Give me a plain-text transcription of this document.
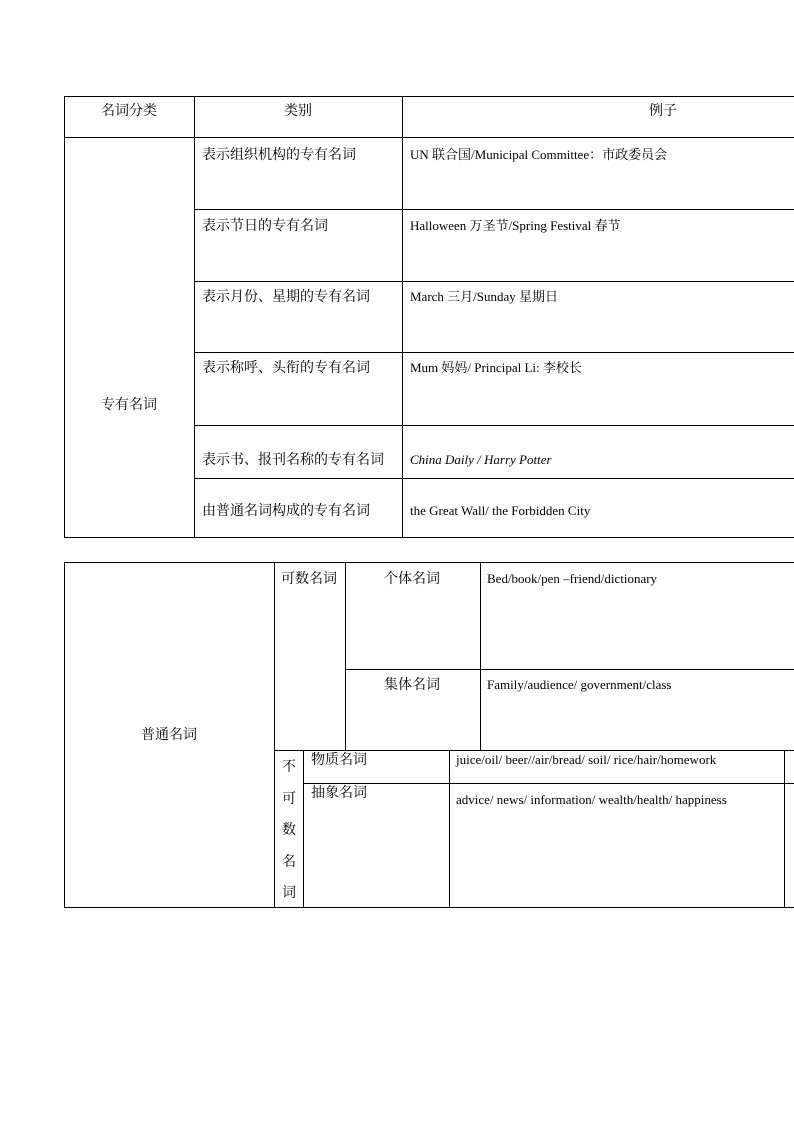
名词分类	类别	例子
专有名词
表示组织机构的专有名词	UN 联合国/Municipal Committee：市政委员会
表示节日的专有名词	Halloween 万圣节/Spring Festival 春节
表示月份、星期的专有名词	March 三月/Sunday 星期日
表示称呼、头衔的专有名词	Mum 妈妈/ Principal Li: 李校长
表示书、报刊名称的专有名词 China Daily / Harry Potter
由普通名词构成的专有名词	the Great Wall/ the Forbidden City
普通名词
可数名词	个体名词	Bed/book/pen –friend/dictionary
集体名词	Family/audience/ government/class
不可数名词
物质名词	juice/oil/ beer//air/bread/ soil/ rice/hair/homework
抽象名词	advice/ news/ information/ wealth/health/ happiness
